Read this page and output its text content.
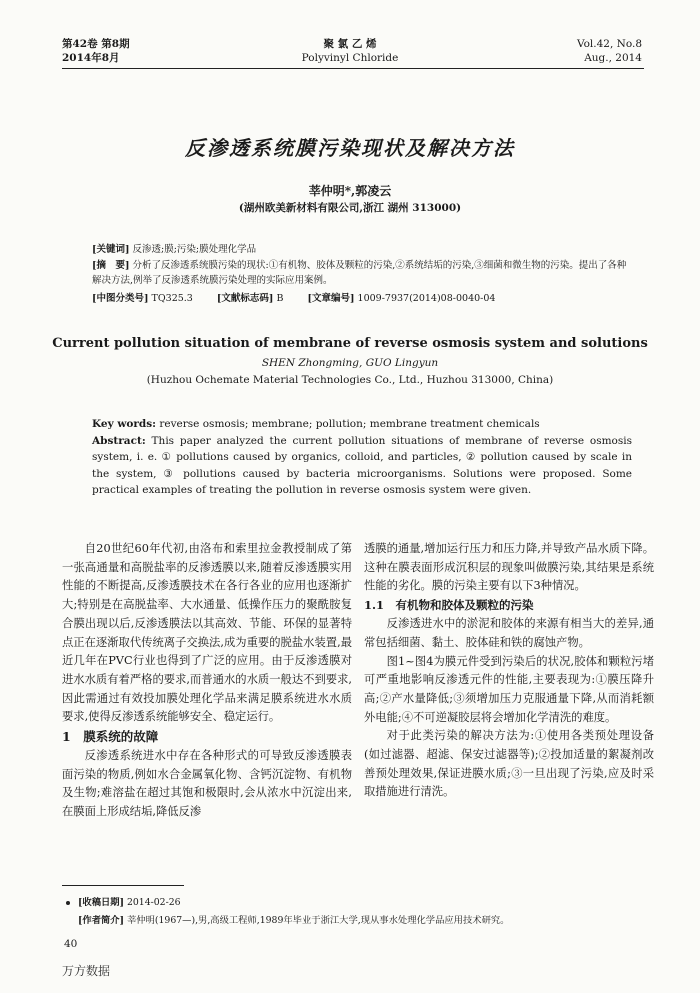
第42卷 第8期
2014年8月
聚 氯 乙 烯
Polyvinyl Chloride
Vol.42, No.8
Aug., 2014
反渗透系统膜污染现状及解决方法
莘仲明*,郭凌云
(湖州欧美新材料有限公司,浙江 湖州 313000)
[关键词] 反渗透;膜;污染;膜处理化学品
[摘　要] 分析了反渗透系统膜污染的现状:①有机物、胶体及颗粒的污染,②系统结垢的污染,③细菌和微生物的污染。提出了各种解决方法,例举了反渗透系统膜污染处理的实际应用案例。
[中图分类号] TQ325.3	[文献标志码] B	[文章编号] 1009-7937(2014)08-0040-04
Current pollution situation of membrane of reverse osmosis system and solutions
SHEN Zhongming, GUO Lingyun
(Huzhou Ochemate Material Technologies Co., Ltd., Huzhou 313000, China)
Key words: reverse osmosis; membrane; pollution; membrane treatment chemicals
Abstract: This paper analyzed the current pollution situations of membrane of reverse osmosis system, i. e. ① pollutions caused by organics, colloid, and particles, ② pollution caused by scale in the system, ③ pollutions caused by bacteria microorganisms. Solutions were proposed. Some practical examples of treating the pollution in reverse osmosis system were given.

自20世纪60年代初,由洛布和索里拉金教授制成了第一张高通量和高脱盐率的反渗透膜以来,随着反渗透膜实用性能的不断提高,反渗透膜技术在各行各业的应用也逐渐扩大;特别是在高脱盐率、大水通量、低操作压力的聚酰胺复合膜出现以后,反渗透膜法以其高效、节能、环保的显著特点正在逐渐取代传统离子交换法,成为重要的脱盐水装置,最近几年在PVC行业也得到了广泛的应用。由于反渗透膜对进水水质有着严格的要求,而普通水的水质一般达不到要求,因此需通过有效投加膜处理化学品来满足膜系统进水水质要求,使得反渗透系统能够安全、稳定运行。

1　膜系统的故障

反渗透系统进水中存在各种形式的可导致反渗透膜表面污染的物质,例如水合金属氧化物、含钙沉淀物、有机物及生物;难溶盐在超过其饱和极限时,会从浓水中沉淀出来,在膜面上形成结垢,降低反渗

透膜的通量,增加运行压力和压力降,并导致产品水质下降。这种在膜表面形成沉积层的现象叫做膜污染,其结果是系统性能的劣化。膜的污染主要有以下3种情况。

1.1　有机物和胶体及颗粒的污染

反渗透进水中的淤泥和胶体的来源有相当大的差异,通常包括细菌、黏土、胶体硅和铁的腐蚀产物。

图1~图4为膜元件受到污染后的状况,胶体和颗粒污堵可严重地影响反渗透元件的性能,主要表现为:①膜压降升高;②产水量降低;③须增加压力克服通量下降,从而消耗额外电能;④不可逆凝胶层将会增加化学清洗的难度。

对于此类污染的解决方法为:①使用各类预处理设备(如过滤器、超滤、保安过滤器等);②投加适量的絮凝剂改善预处理效果,保证进膜水质;③一旦出现了污染,应及时采取措施进行清洗。

[收稿日期] 2014-02-26
[作者简介] 莘仲明(1967—),男,高级工程师,1989年毕业于浙江大学,现从事水处理化学品应用技术研究。
40
万方数据
